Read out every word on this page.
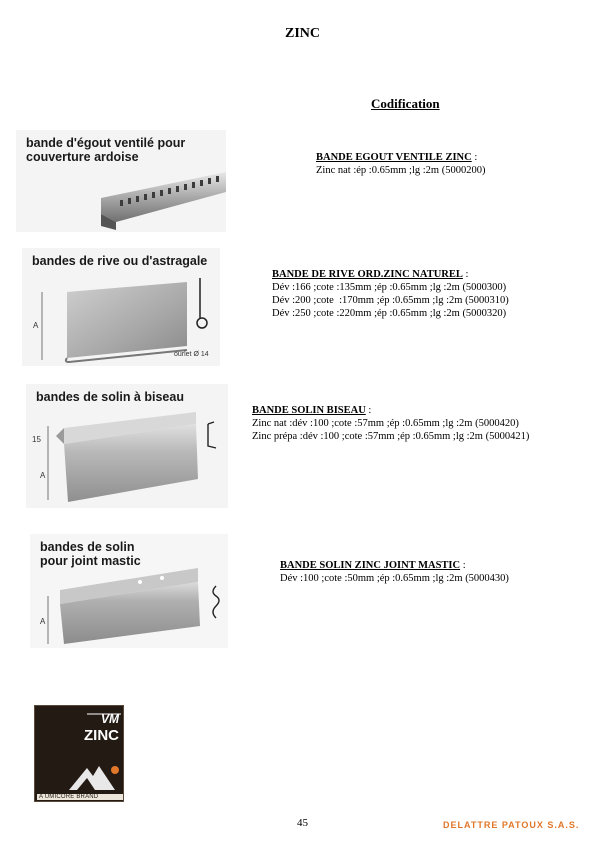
ZINC
Codification
bande d'égout ventilé pour
couverture ardoise	BANDE EGOUT VENTILE ZINC :
Zinc nat :ép :0.65mm ;lg :2m (5000200)
A
ourlet Ø 14
bandes de rive ou d'astragale
BANDE DE RIVE ORD.ZINC NATUREL :
Dév :166 ;cote :135mm ;ép :0.65mm ;lg :2m (5000300)
Dév :200 ;cote  :170mm ;ép :0.65mm ;lg :2m (5000310)
Dév :250 ;cote :220mm ;ép :0.65mm ;lg :2m (5000320)
15
A
bandes de solin à biseau
BANDE SOLIN BISEAU :
Zinc nat :dév :100 ;cote :57mm ;ép :0.65mm ;lg :2m (5000420)
Zinc prépa :dév :100 ;cote :57mm ;ép :0.65mm ;lg :2m (5000421)
A
bandes de solin
pour joint mastic	BANDE SOLIN ZINC JOINT MASTIC :
Dév :100 ;cote :50mm ;ép :0.65mm ;lg :2m (5000430)
VM
ZINC
A UMICORE BRAND
45	DELATTRE PATOUX S.A.S.
